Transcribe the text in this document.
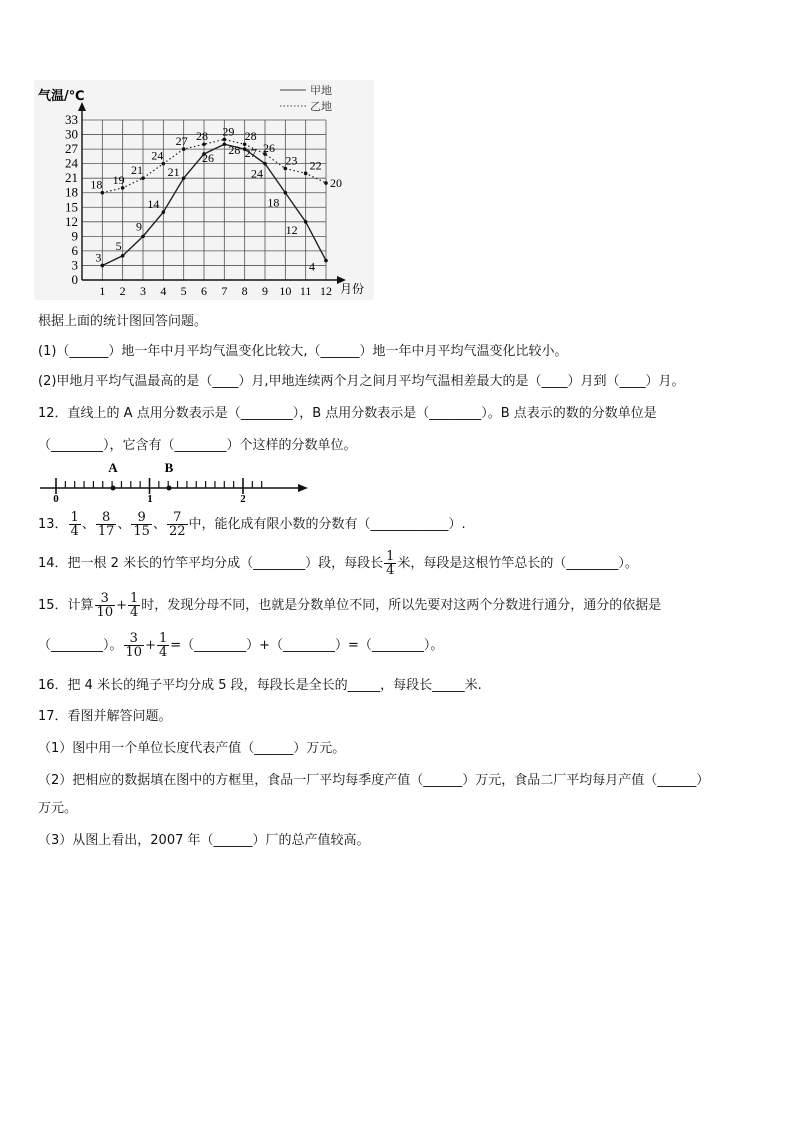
0
3
6
9
12
15
18
21
24
27
30
33
1 2 3 4 5 6 7 8 9 10 11 12
气温/℃
月份
甲地
乙地
3
5
9
14
21
26
28 27
24
18
12
4
18 19
21
24
27 28 29 28
26
23 22
20
根据上面的统计图回答问题。
(1)（______）地一年中月平均气温变化比较大,（______）地一年中月平均气温变化比较小。
(2)甲地月平均气温最高的是（____）月,甲地连续两个月之间月平均气温相差最大的是（____）月到（____）月。
12．直线上的 A 点用分数表示是（________），B 点用分数表示是（________）。B 点表示的数的分数单位是
（________），它含有（________）个这样的分数单位。
A	B
0	1	2
13． $\frac{1}{4}$ 、 $\frac{8}{17}$ 、 $\frac{9}{15}$ 、 $\frac{7}{22}$ 中，能化成有限小数的分数有（____________）.
14．把一根 2 米长的竹竿平均分成（________）段，每段长 $\frac{1}{4}$ 米，每段是这根竹竿总长的（________）。
15．计算 $\frac{3}{10} + \frac{1}{4}$ 时，发现分母不同，也就是分数单位不同，所以先要对这两个分数进行通分，通分的依据是
（________）。 $\frac{3}{10} + \frac{1}{4}$ =（________）+（________）=（________）。
16．把 4 米长的绳子平均分成 5 段，每段长是全长的_____，每段长_____米.
17．看图并解答问题。
（1）图中用一个单位长度代表产值（______）万元。
（2）把相应的数据填在图中的方框里，食品一厂平均每季度产值（______）万元，食品二厂平均每月产值（______）
万元。
（3）从图上看出，2007 年（______）厂的总产值较高。
